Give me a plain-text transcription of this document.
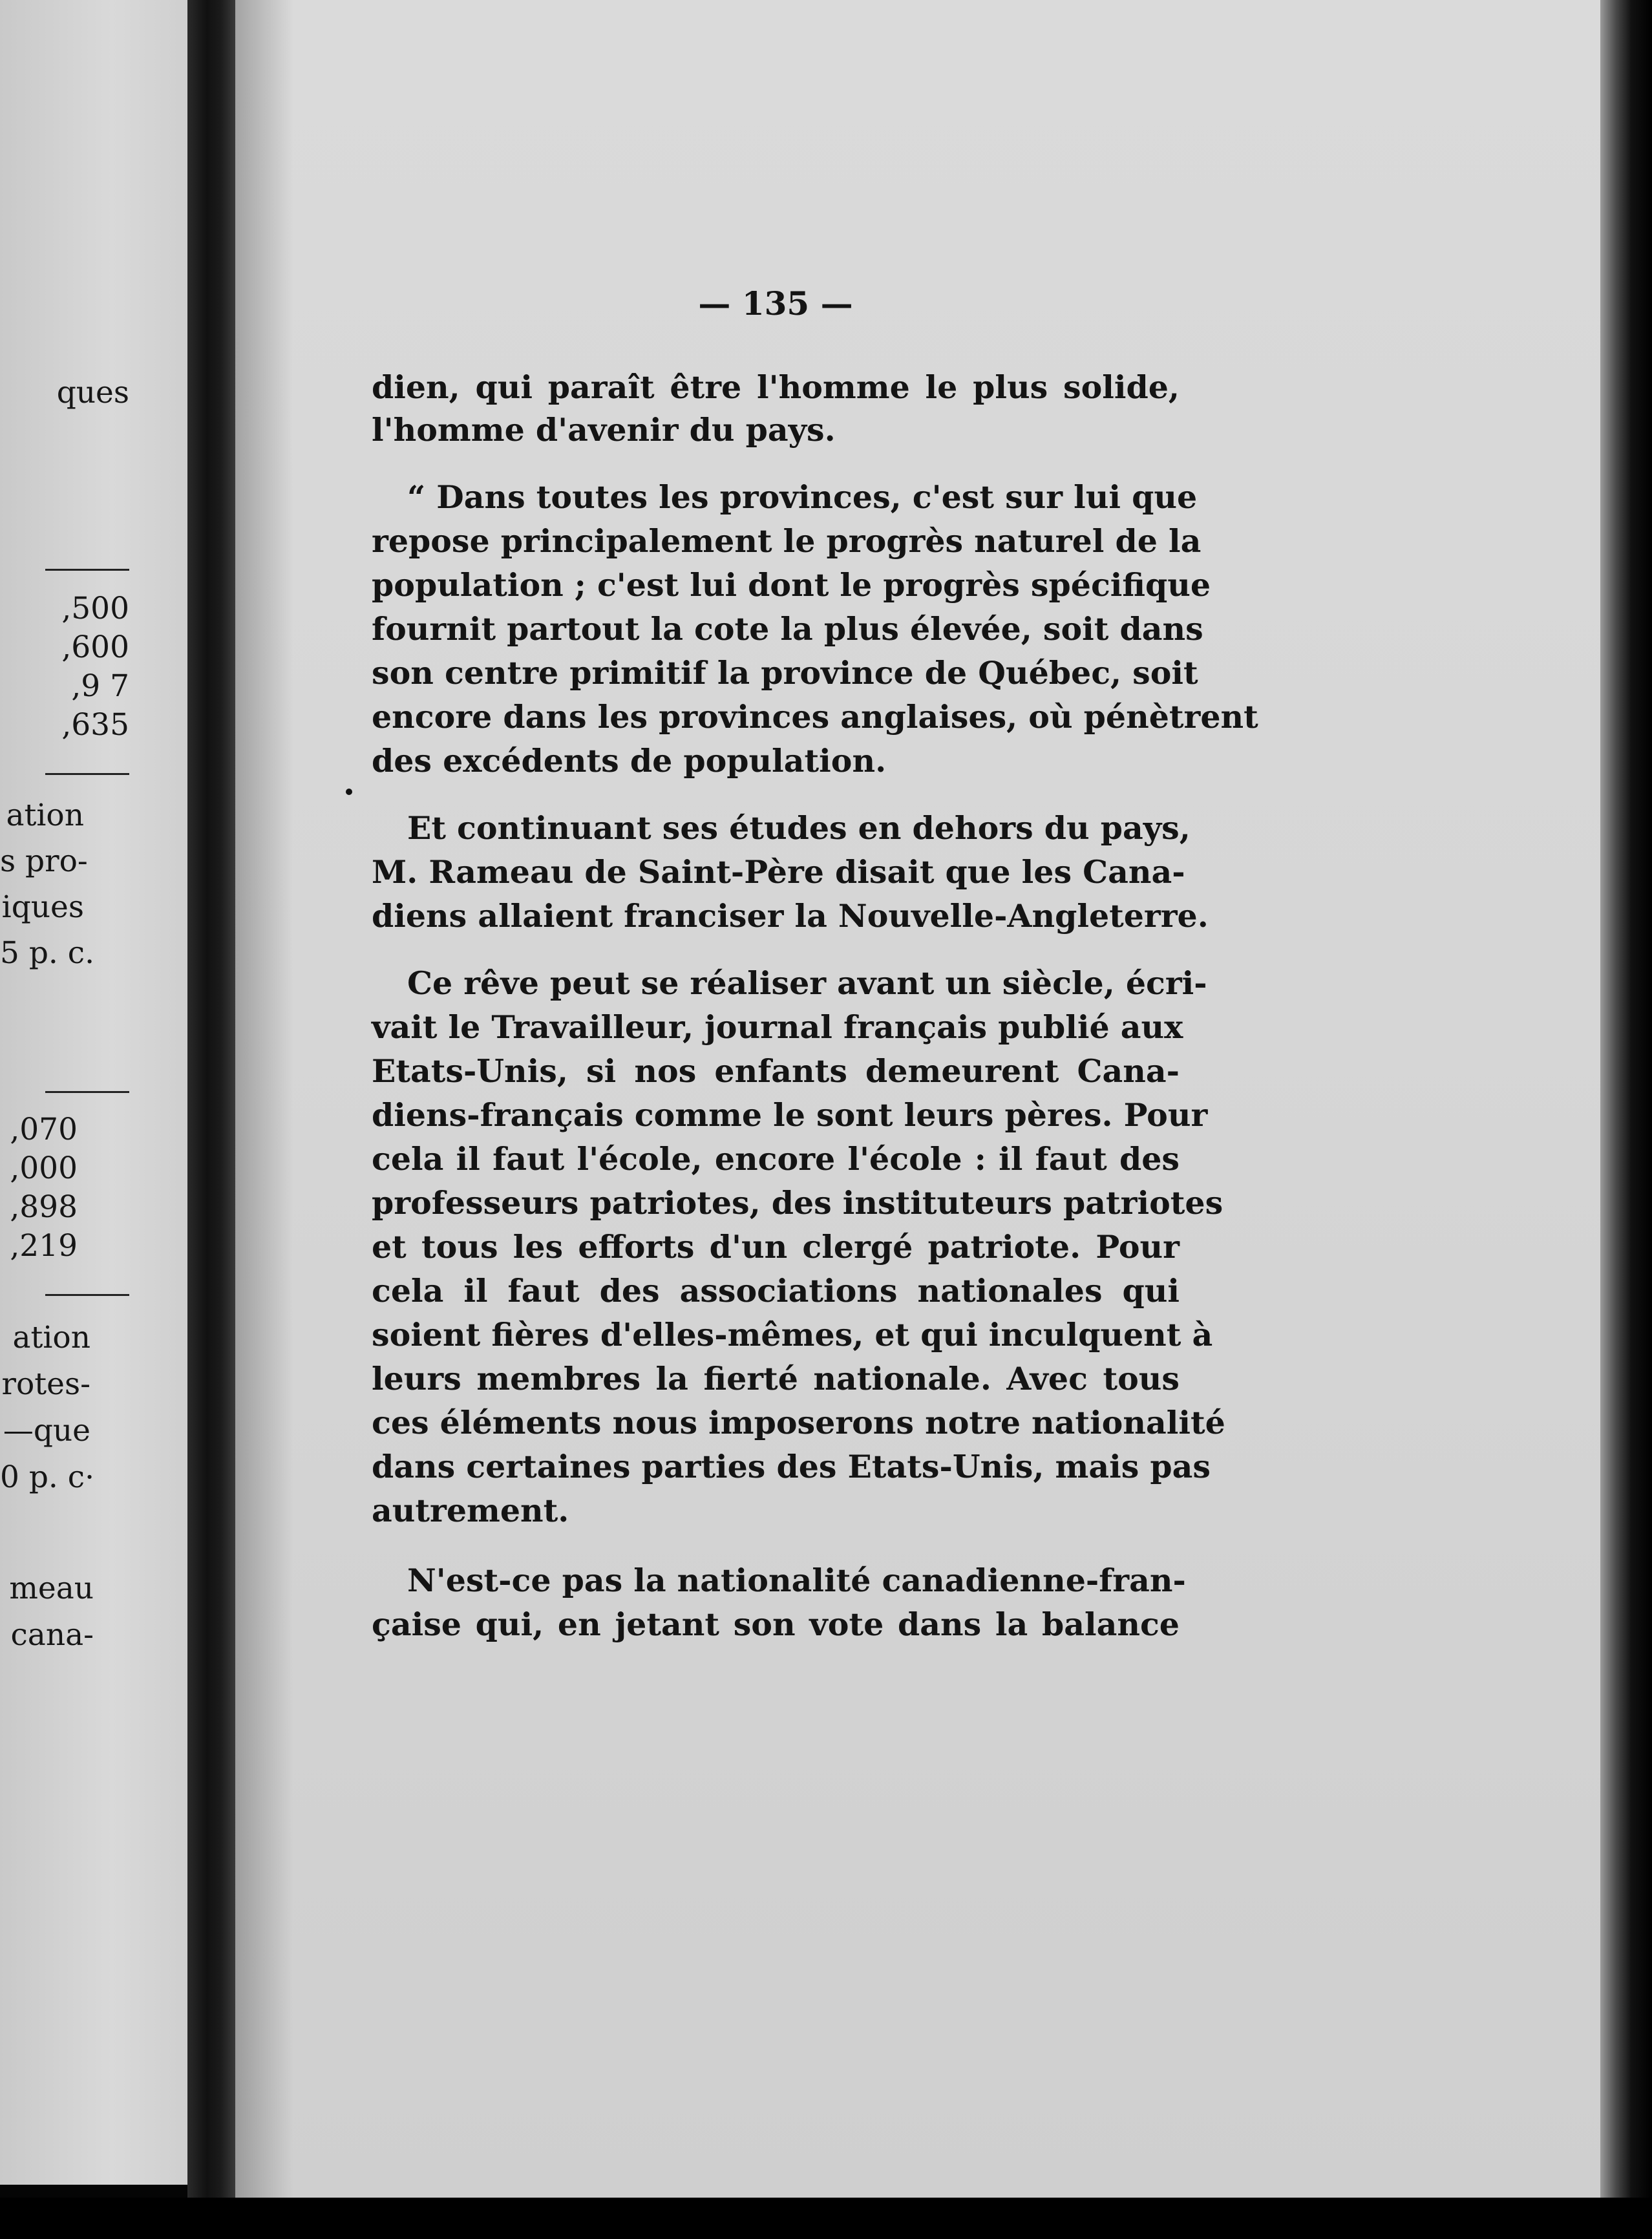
ques
,500
,600
,9 7
,635
ation
s pro-
iques
5 p. c.
,070
,000
,898
,219
ation
rotes-
—que
0 p. c·
meau
cana-
— 135 —
dien, qui paraît être l'homme le plus solide,
l'homme d'avenir du pays.
“ Dans toutes les provinces, c'est sur lui que
repose principalement le progrès naturel de la
population ; c'est lui dont le progrès spécifique
fournit partout la cote la plus élevée, soit dans
son centre primitif la province de Québec, soit
encore dans les provinces anglaises, où pénètrent
des excédents de population.
Et continuant ses études en dehors du pays,
M. Rameau de Saint-Père disait que les Cana-
diens allaient franciser la Nouvelle-Angleterre.
Ce rêve peut se réaliser avant un siècle, écri-
vait le Travailleur, journal français publié aux
Etats-Unis, si nos enfants demeurent Cana-
diens-français comme le sont leurs pères. Pour
cela il faut l'école, encore l'école : il faut des
professeurs patriotes, des instituteurs patriotes
et tous les efforts d'un clergé patriote. Pour
cela il faut des associations nationales qui
soient fières d'elles-mêmes, et qui inculquent à
leurs membres la fierté nationale. Avec tous
ces éléments nous imposerons notre nationalité
dans certaines parties des Etats-Unis, mais pas
autrement.
N'est-ce pas la nationalité canadienne-fran-
çaise qui, en jetant son vote dans la balance
